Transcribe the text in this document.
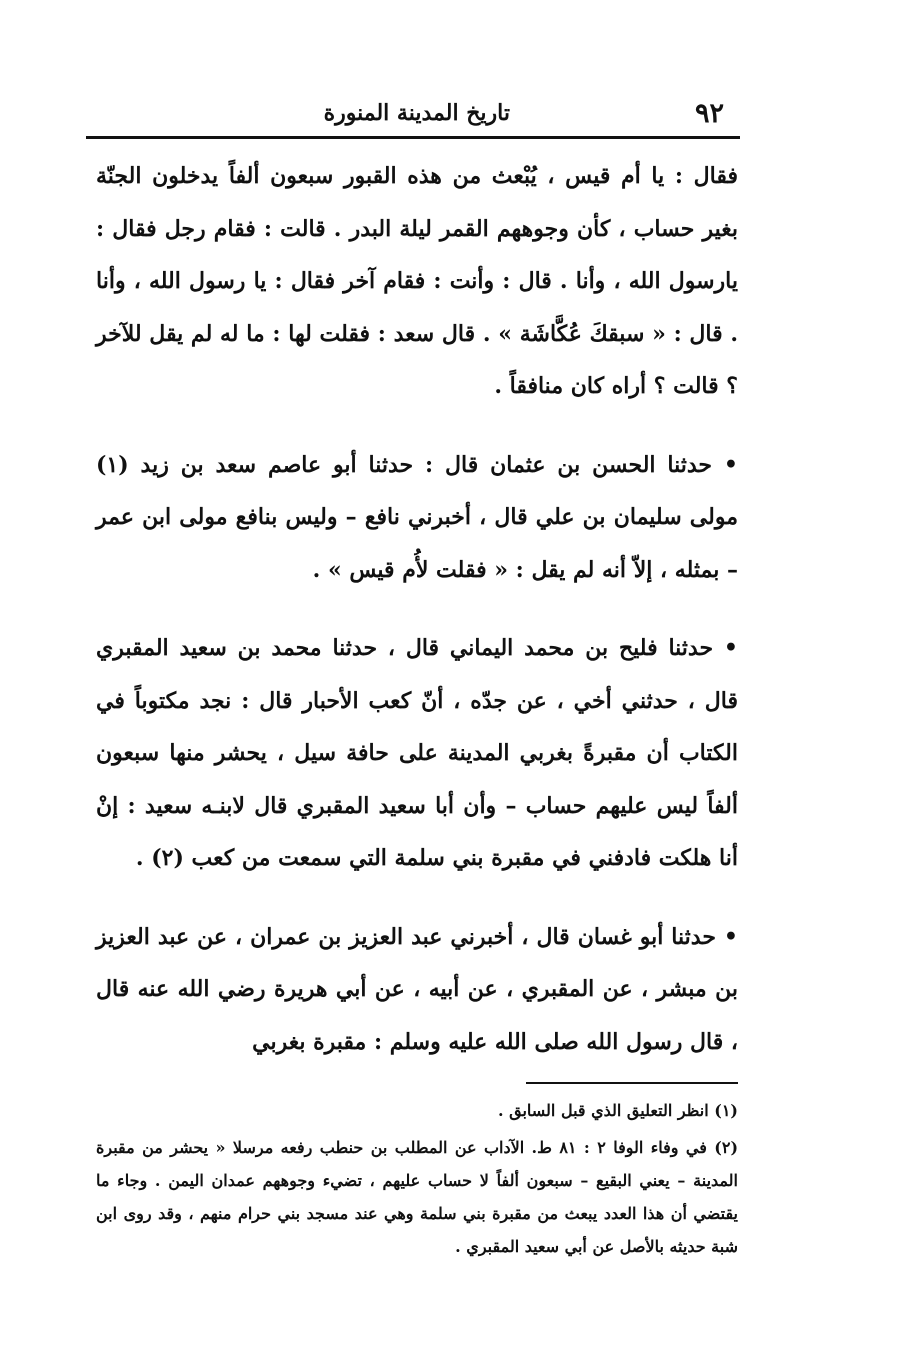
٩٢
تاريخ المدينة المنورة

فقال : يا أم قيس ، يُبْعث من هذه القبور سبعون ألفاً يدخلون الجنّة بغير حساب ، كأن وجوههم القمر ليلة البدر . قالت : فقام رجل فقال : يارسول الله ، وأنا . قال : وأنت : فقام آخر فقال : يا رسول الله ، وأنا . قال : « سبقكَ عُكَّاشَة » . قال سعد : فقلت لها : ما له لم يقل للآخر ؟ قالت ؟ أراه كان منافقاً .

• حدثنا الحسن بن عثمان قال : حدثنا أبو عاصم سعد بن زيد (١) مولى سليمان بن علي قال ، أخبرني نافع – وليس بنافع مولى ابن عمر – بمثله ، إلاّ أنه لم يقل : « فقلت لأُم قيس » .

• حدثنا فليح بن محمد اليماني قال ، حدثنا محمد بن سعيد المقبري قال ، حدثني أخي ، عن جدّه ، أنّ كعب الأحبار قال : نجد مكتوباً في الكتاب أن مقبرةً بغربي المدينة على حافة سيل ، يحشر منها سبعون ألفاً ليس عليهم حساب – وأن أبا سعيد المقبري قال لابنـه سعيد : إنْ أنا هلكت فادفني في مقبرة بني سلمة التي سمعت من كعب (٢) .

• حدثنا أبو غسان قال ، أخبرني عبد العزيز بن عمران ، عن عبد العزيز بن مبشر ، عن المقبري ، عن أبيه ، عن أبي هريرة رضي الله عنه قال ، قال رسول الله صلى الله عليه وسلم : مقبرة بغربي

(١) انظر التعليق الذي قبل السابق .

(٢) في وفاء الوفا ٢ : ٨١ ط. الآداب عن المطلب بن حنطب رفعه مرسلا « يحشر من مقبرة المدينة – يعني البقيع – سبعون ألفاً لا حساب عليهم ، تضيء وجوههم عمدان اليمن . وجاء ما يقتضي أن هذا العدد يبعث من مقبرة بني سلمة وهي عند مسجد بني حرام منهم ، وقد روى ابن شبة حديثه بالأصل عن أبي سعيد المقبري .
